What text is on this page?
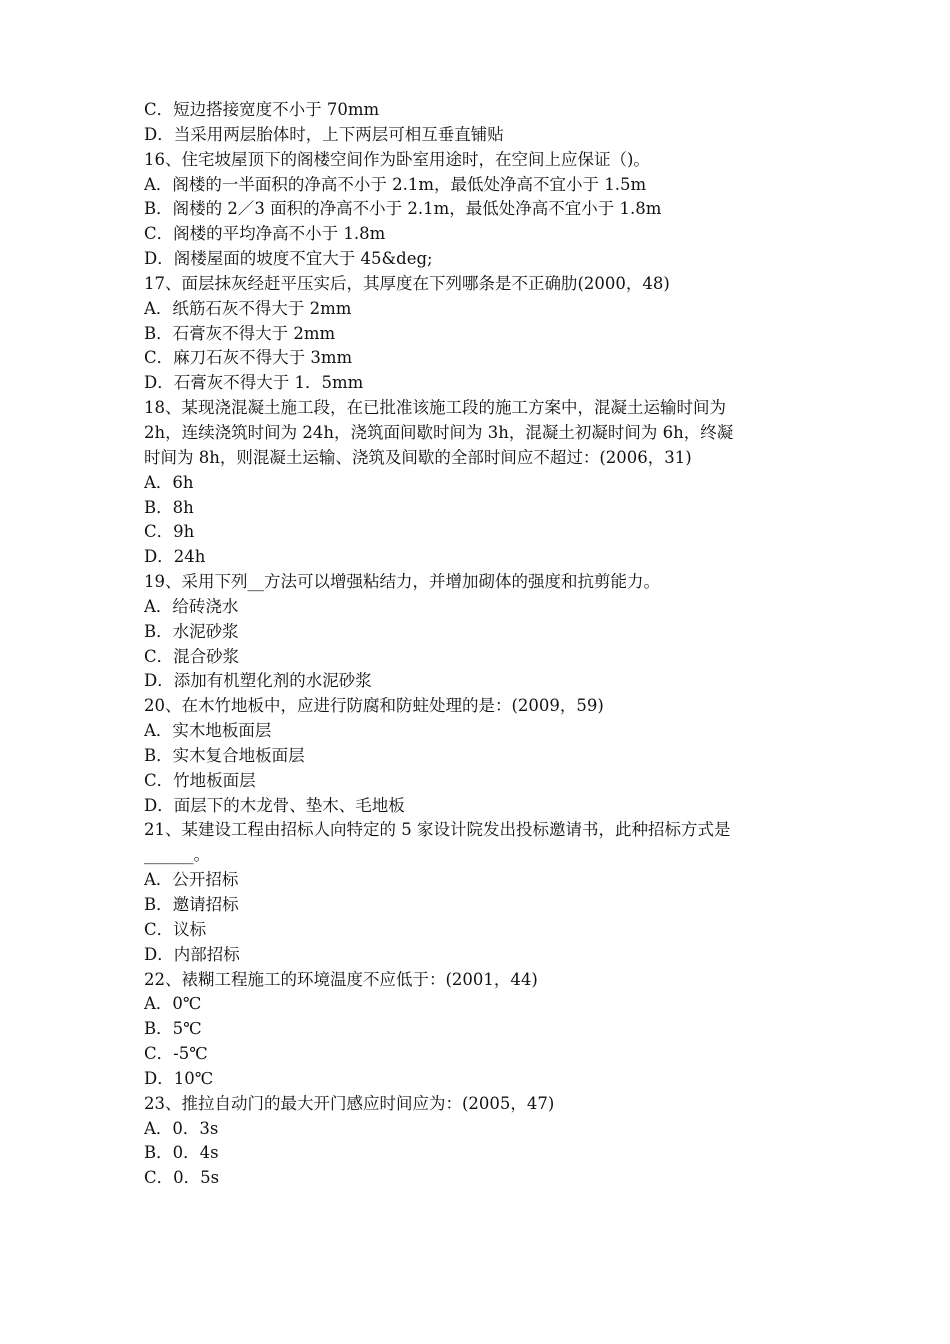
C．短边搭接宽度不小于 70mm
D．当采用两层胎体时，上下两层可相互垂直铺贴
16、住宅坡屋顶下的阁楼空间作为卧室用途时，在空间上应保证（)。
A．阁楼的一半面积的净高不小于 2.1m，最低处净高不宜小于 1.5m
B．阁楼的 2／3 面积的净高不小于 2.1m，最低处净高不宜小于 1.8m
C．阁楼的平均净高不小于 1.8m
D．阁楼屋面的坡度不宜大于 45&deg;
17、面层抹灰经赶平压实后，其厚度在下列哪条是不正确肋(2000，48)
A．纸筋石灰不得大于 2mm
B．石膏灰不得大于 2mm
C．麻刀石灰不得大于 3mm
D．石膏灰不得大于 1．5mm
18、某现浇混凝土施工段，在已批准该施工段的施工方案中，混凝土运输时间为
2h，连续浇筑时间为 24h，浇筑面间歇时间为 3h，混凝土初凝时间为 6h，终凝
时间为 8h，则混凝土运输、浇筑及间歇的全部时间应不超过：(2006，31)
A．6h
B．8h
C．9h
D．24h
19、采用下列__方法可以增强粘结力，并增加砌体的强度和抗剪能力。
A．给砖浇水
B．水泥砂浆
C．混合砂浆
D．添加有机塑化剂的水泥砂浆
20、在木竹地板中，应进行防腐和防蛀处理的是：(2009，59)
A．实木地板面层
B．实木复合地板面层
C．竹地板面层
D．面层下的木龙骨、垫木、毛地板
21、某建设工程由招标人向特定的 5 家设计院发出投标邀请书，此种招标方式是
______。
A．公开招标
B．邀请招标
C．议标
D．内部招标
22、裱糊工程施工的环境温度不应低于：(2001，44)
A．0℃
B．5℃
C．-5℃
D．10℃
23、推拉自动门的最大开门感应时间应为：(2005，47)
A．0．3s
B．0．4s
C．0．5s
